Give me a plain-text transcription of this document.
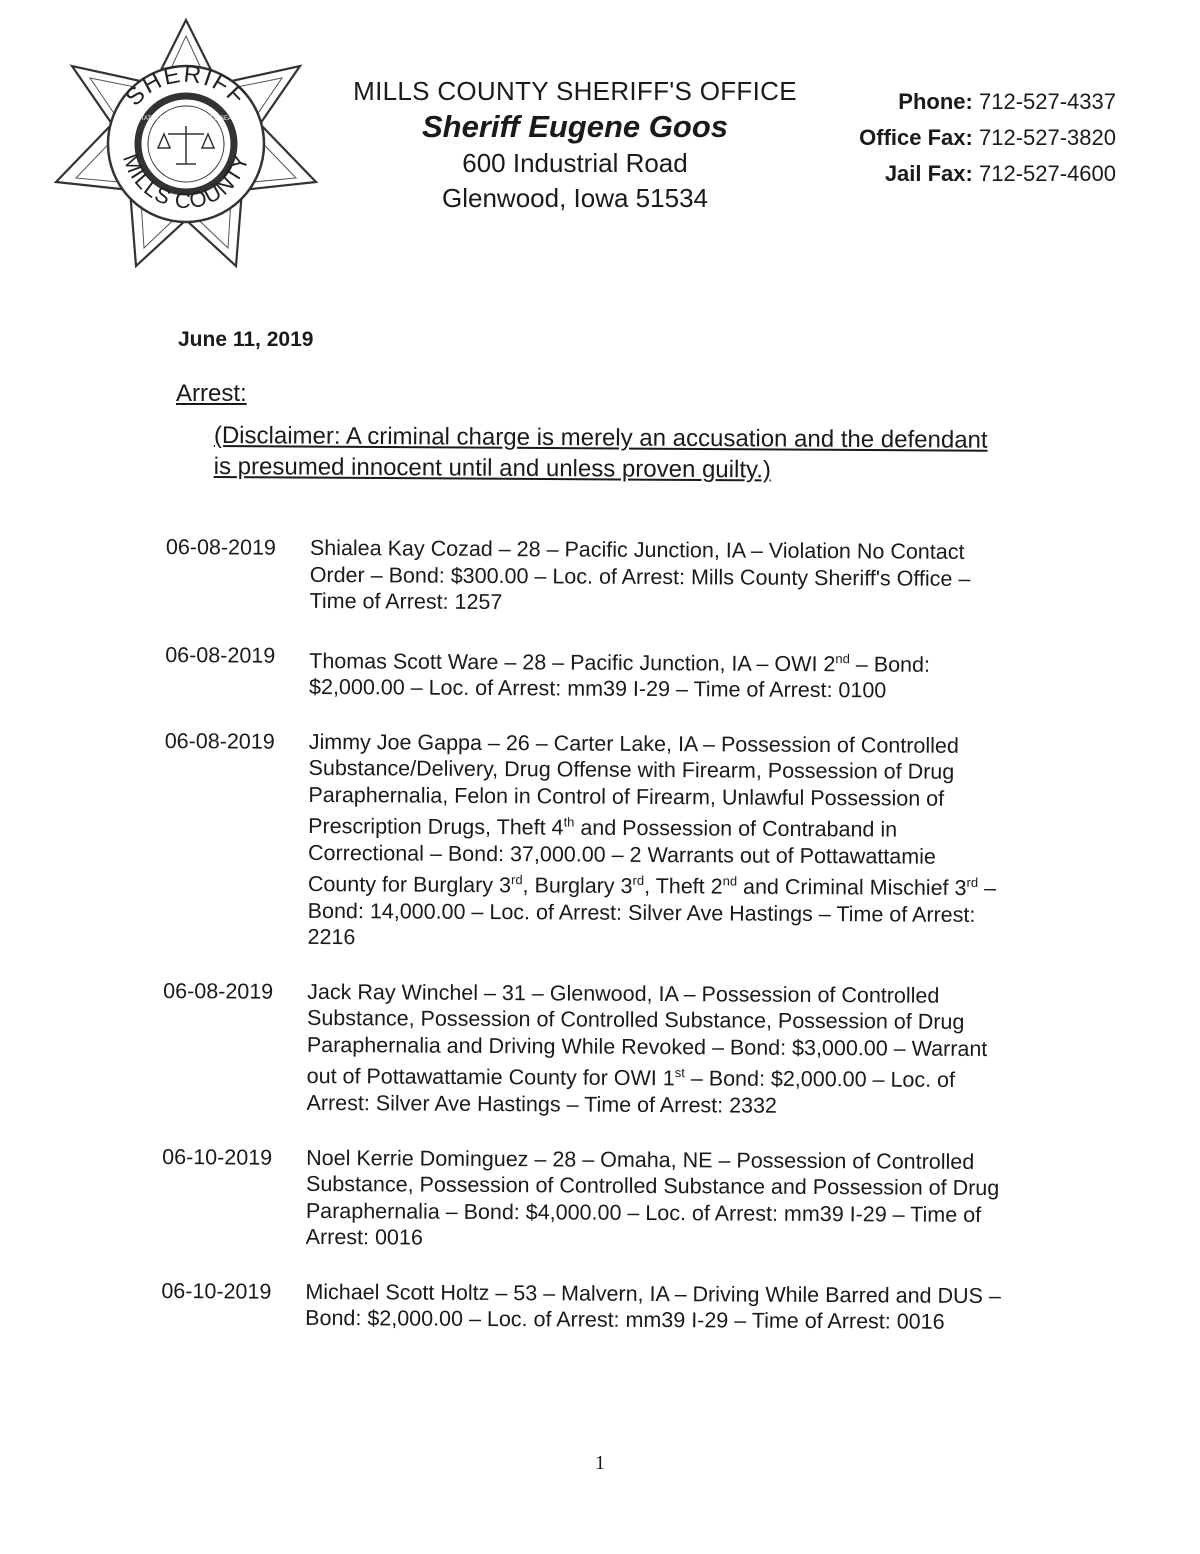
SHERIFF
MILLS COUNTY
STATE OF IOWA · SHERIFF'S SEAL
MILLS COUNTY SHERIFF'S OFFICE
Sheriff Eugene Goos
600 Industrial Road
Glenwood, Iowa 51534
Phone: 712-527-4337
Office Fax: 712-527-3820
Jail Fax: 712-527-4600
June 11, 2019
Arrest:
(Disclaimer: A criminal charge is merely an accusation and the defendant is presumed innocent until and unless proven guilty.)
06-08-2019	Shialea Kay Cozad – 28 – Pacific Junction, IA – Violation No Contact Order – Bond: $300.00 – Loc. of Arrest: Mills County Sheriff's Office – Time of Arrest: 1257
06-08-2019	Thomas Scott Ware – 28 – Pacific Junction, IA – OWI 2nd – Bond: $2,000.00 – Loc. of Arrest: mm39 I-29 – Time of Arrest: 0100
06-08-2019	Jimmy Joe Gappa – 26 – Carter Lake, IA – Possession of Controlled Substance/Delivery, Drug Offense with Firearm, Possession of Drug Paraphernalia, Felon in Control of Firearm, Unlawful Possession of Prescription Drugs, Theft 4th and Possession of Contraband in Correctional – Bond: 37,000.00 – 2 Warrants out of Pottawattamie County for Burglary 3rd, Burglary 3rd, Theft 2nd and Criminal Mischief 3rd – Bond: 14,000.00 – Loc. of Arrest: Silver Ave Hastings – Time of Arrest: 2216
06-08-2019	Jack Ray Winchel – 31 – Glenwood, IA – Possession of Controlled Substance, Possession of Controlled Substance, Possession of Drug Paraphernalia and Driving While Revoked – Bond: $3,000.00 – Warrant out of Pottawattamie County for OWI 1st – Bond: $2,000.00 – Loc. of Arrest: Silver Ave Hastings – Time of Arrest: 2332
06-10-2019	Noel Kerrie Dominguez – 28 – Omaha, NE – Possession of Controlled Substance, Possession of Controlled Substance and Possession of Drug Paraphernalia – Bond: $4,000.00 – Loc. of Arrest: mm39 I-29 – Time of Arrest: 0016
06-10-2019	Michael Scott Holtz – 53 – Malvern, IA – Driving While Barred and DUS – Bond: $2,000.00 – Loc. of Arrest: mm39 I-29 – Time of Arrest: 0016
1
